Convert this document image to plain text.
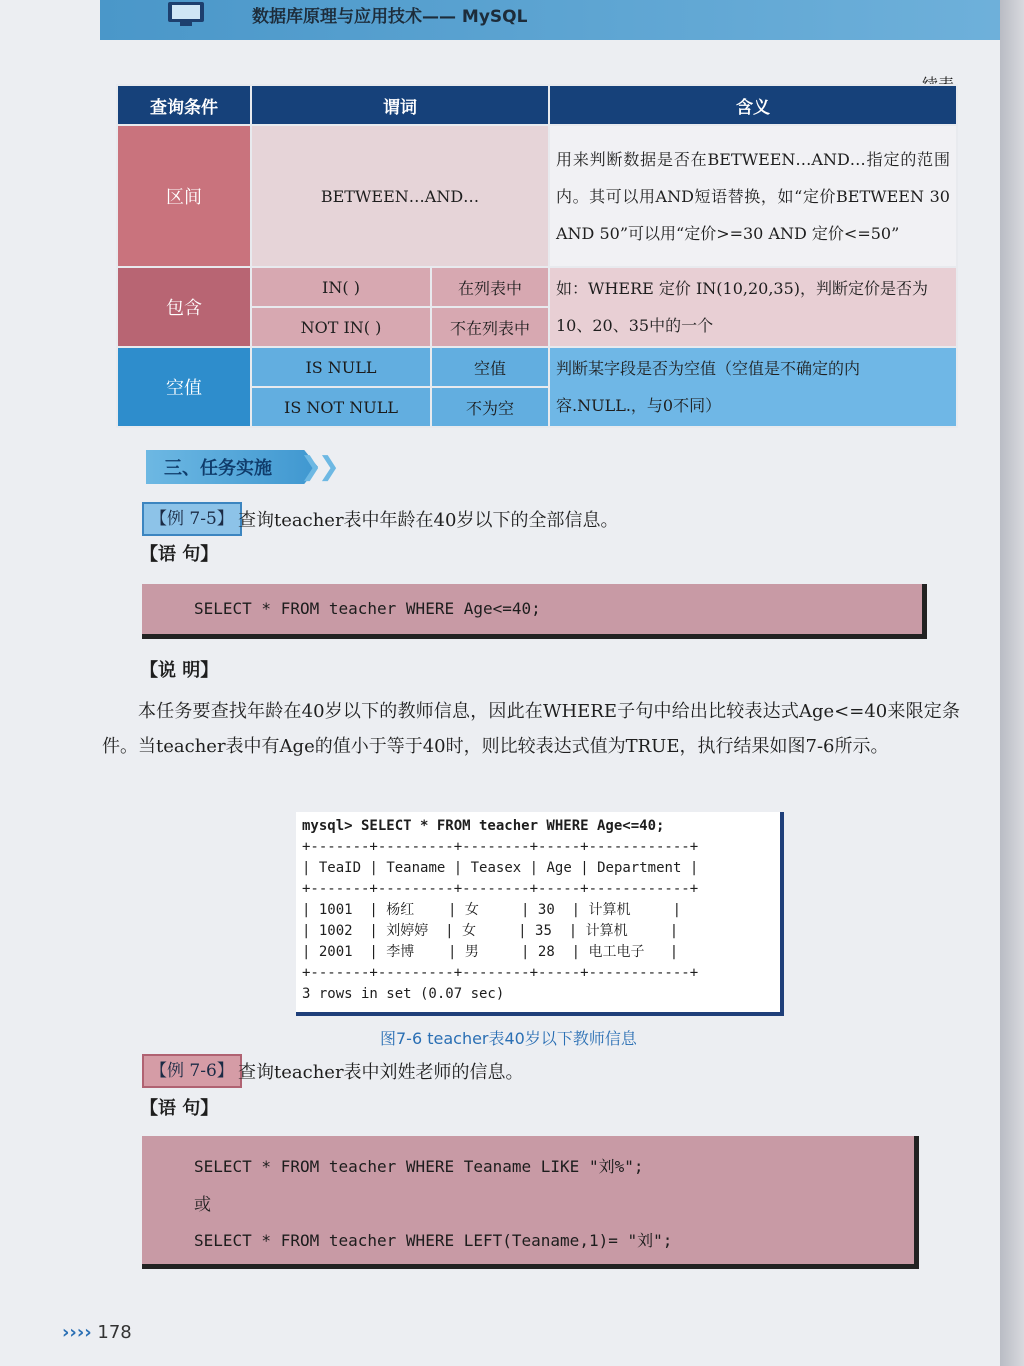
数据库原理与应用技术—— MySQL
查询条件	谓词		含义
区间	BETWEEN…AND…		用来判断数据是否在BETWEEN…AND…指定的范围内。其可以用AND短语替换，如“定价BETWEEN 30 AND 50”可以用“定价>=30 AND 定价<=50”
包含	IN( )	在列表中	如：WHERE 定价 IN(10,20,35)，判断定价是否为10、20、35中的一个
	NOT IN( )	不在列表中	
空值	IS NULL	空值	判断某字段是否为空值（空值是不确定的内容.NULL.，与0不同）
	IS NOT NULL	不为空	
三、任务实施 ❯
❯
【例 7-5】 查询teacher表中年龄在40岁以下的全部信息。
【语 句】
SELECT * FROM teacher WHERE Age<=40;
【说 明】

本任务要查找年龄在40岁以下的教师信息，因此在WHERE子句中给出比较表达式Age<=40来限定条件。当teacher表中有Age的值小于等于40时，则比较表达式值为TRUE，执行结果如图7-6所示。

mysql> SELECT * FROM teacher WHERE Age<=40;
+-------+---------+--------+-----+------------+
| TeaID | Teaname | Teasex | Age | Department |
+-------+---------+--------+-----+------------+
| 1001  | 杨红    | 女     | 30  | 计算机	|
| 1002  | 刘婷婷  | 女     | 35  | 计算机	|
| 2001  | 李博    | 男     | 28  | 电工电子   |
+-------+---------+--------+-----+------------+
3 rows in set (0.07 sec)
图7-6 teacher表40岁以下教师信息
【例 7-6】 查询teacher表中刘姓老师的信息。
【语 句】
SELECT * FROM teacher WHERE Teaname LIKE "刘%";
或
SELECT * FROM teacher WHERE LEFT(Teaname,1)= "刘";
›››› 178
